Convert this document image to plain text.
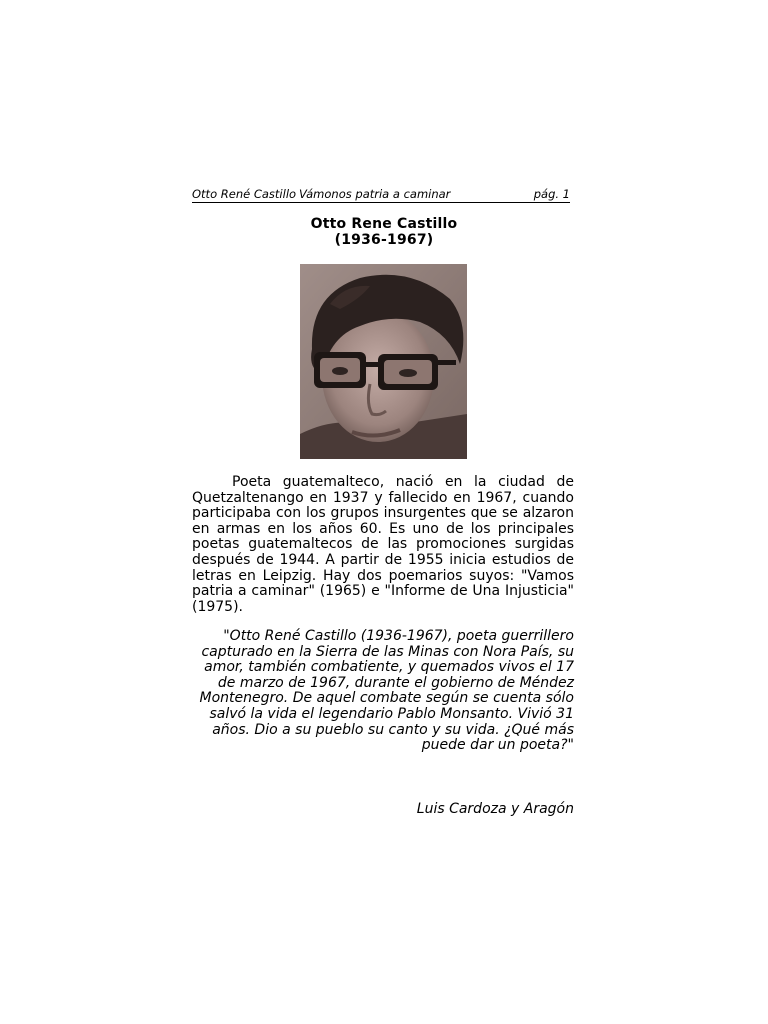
Otto René Castillo Vámonos patria a caminar	pág. 1
Otto Rene Castillo
(1936-1967)

Poeta guatemalteco, nació en la ciudad de Quetzaltenango en 1937 y fallecido en 1967, cuando participaba con los grupos insurgentes que se alzaron en armas en los años 60. Es uno de los principales poetas guatemaltecos de las promociones surgidas después de 1944. A partir de 1955 inicia estudios de letras en Leipzig. Hay dos poemarios suyos: "Vamos patria a caminar" (1965) e "Informe de Una Injusticia" (1975).

"Otto René Castillo (1936-1967), poeta guerrillero capturado en la Sierra de las Minas con Nora País, su amor, también combatiente, y quemados vivos el 17 de marzo de 1967, durante el gobierno de Méndez Montenegro. De aquel combate según se cuenta sólo salvó la vida el legendario Pablo Monsanto. Vivió 31 años. Dio a su pueblo su canto y su vida. ¿Qué más puede dar un poeta?"

Luis Cardoza y Aragón
